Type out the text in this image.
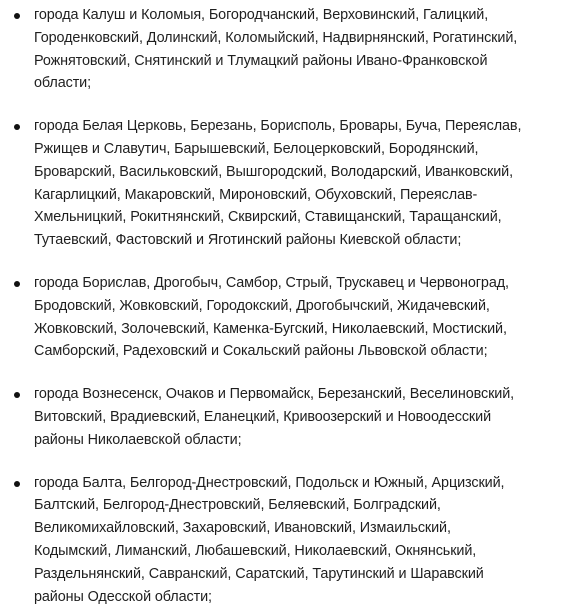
города Калуш и Коломыя, Богородчанский, Верховинский, Галицкий,
Городенковский, Долинский, Коломыйский, Надвирнянский, Рогатинский,
Рожнятовский, Снятинский и Тлумацкий районы Ивано-Франковской
области;
города Белая Церковь, Березань, Борисполь, Бровары, Буча, Переяслав,
Ржищев и Славутич, Барышевский, Белоцерковский, Бородянский,
Броварский, Васильковский, Вышгородский, Володарский, Иванковский,
Кагарлицкий, Макаровский, Мироновский, Обуховский, Переяслав-
Хмельницкий, Рокитнянский, Сквирский, Ставищанский, Таращанский,
Тутаевский, Фастовский и Яготинский районы Киевской области;
города Борислав, Дрогобыч, Самбор, Стрый, Трускавец и Червоноград,
Бродовский, Жовковский, Городокский, Дрогобычский, Жидачевский,
Жовковский, Золочевский, Каменка-Бугский, Николаевский, Мостиский,
Самборский, Радеховский и Сокальский районы Львовской области;
города Вознесенск, Очаков и Первомайск, Березанский, Веселиновский,
Витовский, Врадиевский, Еланецкий, Кривоозерский и Новоодесский
районы Николаевской области;
города Балта, Белгород-Днестровский, Подольск и Южный, Арцизский,
Балтский, Белгород-Днестровский, Беляевский, Болградский,
Великомихайловский, Захаровский, Ивановский, Измаильский,
Кодымский, Лиманский, Любашевский, Николаевский, Окнянський,
Раздельнянский, Савранский, Саратский, Тарутинский и Шаравский
районы Одесской области;
